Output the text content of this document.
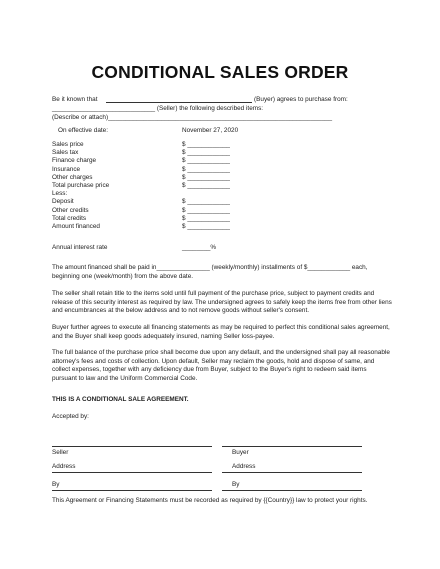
CONDITIONAL SALES ORDER
Be it known that	(Buyer) agrees to purchase from:
_____________________________ (Seller) the following described items:
(Describe or attach)_______________________________________________________________
On effective date:	November 27, 2020
Sales price	$ ____________
Sales tax	$ ____________
Finance charge	$ ____________
Insurance	$ ____________
Other charges	$ ____________
Total purchase price	$ ____________
Less:
Deposit	$ ____________
Other credits	$ ____________
Total credits	$ ____________
Amount financed	$ ____________
Annual interest rate	________%
The amount financed shall be paid in_______________ (weekly/monthly) installments of $____________ each, beginning one (week/month) from the above date.
The seller shall retain title to the items sold until full payment of the purchase price, subject to payment credits and release of this security interest as required by law. The undersigned agrees to safely keep the items free from other liens and encumbrances at the below address and to not remove goods without seller's consent.
Buyer further agrees to execute all financing statements as may be required to perfect this conditional sales agreement, and the Buyer shall keep goods adequately insured, naming Seller loss-payee.
The full balance of the purchase price shall become due upon any default, and the undersigned shall pay all reasonable attorney's fees and costs of collection. Upon default, Seller may reclaim the goods, hold and dispose of same, and collect expenses, together with any deficiency due from Buyer, subject to the Buyer's right to redeem said items pursuant to law and the Uniform Commercial Code.
THIS IS A CONDITIONAL SALE AGREEMENT.
Accepted by:
Seller	Buyer
Address	Address
By	By
This Agreement or Financing Statements must be recorded as required by {{Country}} law to protect your rights.
